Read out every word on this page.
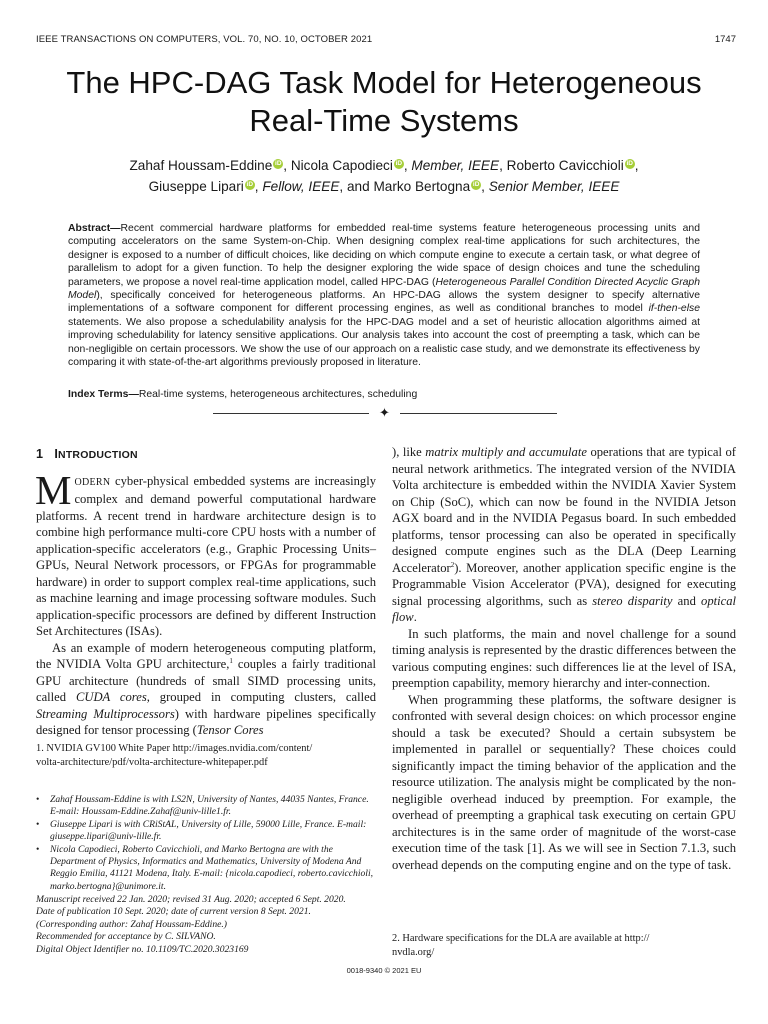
IEEE TRANSACTIONS ON COMPUTERS, VOL. 70, NO. 10, OCTOBER 2021	1747
The HPC-DAG Task Model for Heterogeneous
Real-Time Systems
Zahaf Houssam-Eddine iD , Nicola Capodieci iD , Member, IEEE, Roberto Cavicchioli iD ,
Giuseppe Lipari iD , Fellow, IEEE, and Marko Bertogna iD , Senior Member, IEEE
Abstract—Recent commercial hardware platforms for embedded real-time systems feature heterogeneous processing units and computing accelerators on the same System-on-Chip. When designing complex real-time applications for such architectures, the designer is exposed to a number of difficult choices, like deciding on which compute engine to execute a certain task, or what degree of parallelism to adopt for a given function. To help the designer exploring the wide space of design choices and tune the scheduling parameters, we propose a novel real-time application model, called HPC-DAG (Heterogeneous Parallel Condition Directed Acyclic Graph Model), specifically conceived for heterogeneous platforms. An HPC-DAG allows the system designer to specify alternative implementations of a software component for different processing engines, as well as conditional branches to model if-then-else statements. We also propose a schedulability analysis for the HPC-DAG model and a set of heuristic allocation algorithms aimed at improving schedulability for latency sensitive applications. Our analysis takes into account the cost of preempting a task, which can be non-negligible on certain processors. We show the use of our approach on a realistic case study, and we demonstrate its effectiveness by comparing it with state-of-the-art algorithms previously proposed in literature.
Index Terms—Real-time systems, heterogeneous architectures, scheduling
✦
1 INTRODUCTION

MODERN cyber-physical embedded systems are increasingly complex and demand powerful computational hardware platforms. A recent trend in hardware architecture design is to combine high performance multi-core CPU hosts with a number of application-specific accelerators (e.g., Graphic Processing Units–GPUs, Neural Network processors, or FPGAs for programmable hardware) in order to support complex real-time applications, such as machine learning and image processing software modules. Such application-specific processors are defined by different Instruction Set Architectures (ISAs).

As an example of modern heterogeneous computing platform, the NVIDIA Volta GPU architecture,$^1$ couples a fairly traditional GPU architecture (hundreds of small SIMD processing units, called CUDA cores, grouped in computing clusters, called Streaming Multiprocessors) with hardware pipelines specifically designed for tensor processing (Tensor Cores

1. NVIDIA GV100 White Paper http://images.nvidia.com/content/
volta-architecture/pdf/volta-architecture-whitepaper.pdf
• Zahaf Houssam-Eddine is with LS2N, University of Nantes, 44035 Nantes, France. E-mail: Houssam-Eddine.Zahaf@univ-lille1.fr.
• Giuseppe Lipari is with CRiStAL, University of Lille, 59000 Lille, France. E-mail: giuseppe.lipari@univ-lille.fr.
• Nicola Capodieci, Roberto Cavicchioli, and Marko Bertogna are with the Department of Physics, Informatics and Mathematics, University of Modena And Reggio Emilia, 41121 Modena, Italy. E-mail: {nicola.capodieci, roberto.cavicchioli, marko.bertogna}@unimore.it.
Manuscript received 22 Jan. 2020; revised 31 Aug. 2020; accepted 6 Sept. 2020.
Date of publication 10 Sept. 2020; date of current version 8 Sept. 2021.
(Corresponding author: Zahaf Houssam-Eddine.)
Recommended for acceptance by C. SILVANO.
Digital Object Identifier no. 10.1109/TC.2020.3023169

), like matrix multiply and accumulate operations that are typical of neural network arithmetics. The integrated version of the NVIDIA Volta architecture is embedded within the NVIDIA Xavier System on Chip (SoC), which can now be found in the NVIDIA Jetson AGX board and in the NVIDIA Pegasus board. In such embedded platforms, tensor processing can also be operated in specifically designed compute engines such as the DLA (Deep Learning Accelerator$^2$). Moreover, another application specific engine is the Programmable Vision Accelerator (PVA), designed for executing signal processing algorithms, such as stereo disparity and optical flow.

In such platforms, the main and novel challenge for a sound timing analysis is represented by the drastic differences between the various computing engines: such differences lie at the level of ISA, preemption capability, memory hierarchy and inter-connection.

When programming these platforms, the software designer is confronted with several design choices: on which processor engine should a task be executed? Should a certain subsystem be implemented in parallel or sequentially? These choices could significantly impact the timing behavior of the application and the resource utilization. The analysis might be complicated by the non-negligible overhead induced by preemption. For example, the overhead of preempting a graphical task executing on certain GPU architectures is in the same order of magnitude of the worst-case execution time of the task [1]. As we will see in Section 7.1.3, such overhead depends on the computing engine and on the type of task.

2. Hardware specifications for the DLA are available at http://
nvdla.org/
0018-9340 © 2021 EU
